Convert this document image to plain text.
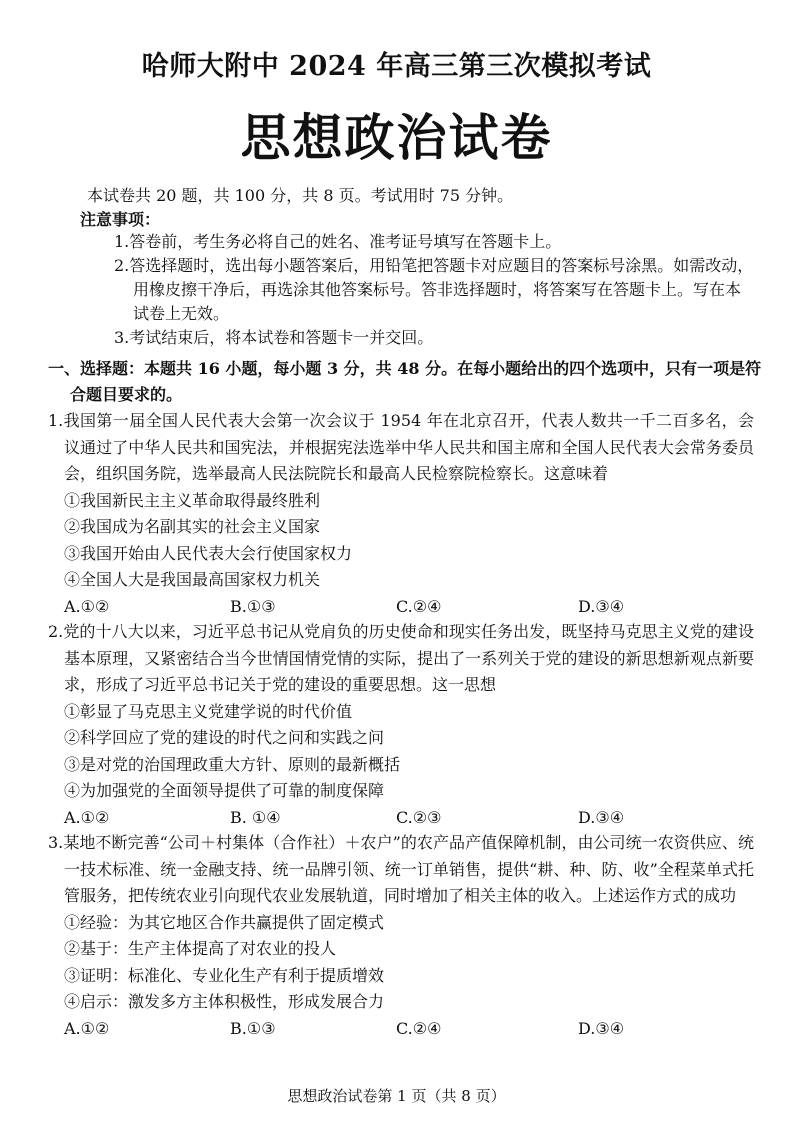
哈师大附中 2024 年高三第三次模拟考试
思想政治试卷
本试卷共 20 题，共 100 分，共 8 页。考试用时 75 分钟。
注意事项：
1.答卷前，考生务必将自己的姓名、准考证号填写在答题卡上。
2.答选择题时，选出每小题答案后，用铅笔把答题卡对应题目的答案标号涂黑。如需改动，用橡皮擦干净后，再选涂其他答案标号。答非选择题时，将答案写在答题卡上。写在本试卷上无效。
3.考试结束后，将本试卷和答题卡一并交回。
一、选择题：本题共 16 小题，每小题 3 分，共 48 分。在每小题给出的四个选项中，只有一项是符合题目要求的。
1.我国第一届全国人民代表大会第一次会议于 1954 年在北京召开，代表人数共一千二百多名，会议通过了中华人民共和国宪法，并根据宪法选举中华人民共和国主席和全国人民代表大会常务委员会，组织国务院，选举最高人民法院院长和最高人民检察院检察长。这意味着
①我国新民主主义革命取得最终胜利
②我国成为名副其实的社会主义国家
③我国开始由人民代表大会行使国家权力
④全国人大是我国最高国家权力机关
A.①②	B.①③	C.②④	D.③④
2.党的十八大以来，习近平总书记从党肩负的历史使命和现实任务出发，既坚持马克思主义党的建设基本原理，又紧密结合当今世情国情党情的实际，提出了一系列关于党的建设的新思想新观点新要求，形成了习近平总书记关于党的建设的重要思想。这一思想
①彰显了马克思主义党建学说的时代价值
②科学回应了党的建设的时代之问和实践之问
③是对党的治国理政重大方针、原则的最新概括
④为加强党的全面领导提供了可靠的制度保障
A.①②	B. ①④	C.②③	D.③④
3.某地不断完善“公司＋村集体（合作社）＋农户”的农产品产值保障机制，由公司统一农资供应、统一技术标准、统一金融支持、统一品牌引领、统一订单销售，提供“耕、种、防、收”全程菜单式托管服务，把传统农业引向现代农业发展轨道，同时增加了相关主体的收入。上述运作方式的成功
①经验：为其它地区合作共赢提供了固定模式
②基于：生产主体提高了对农业的投人
③证明：标准化、专业化生产有利于提质增效
④启示：激发多方主体积极性，形成发展合力
A.①②	B.①③	C.②④	D.③④
思想政治试卷第 1 页（共 8 页）
